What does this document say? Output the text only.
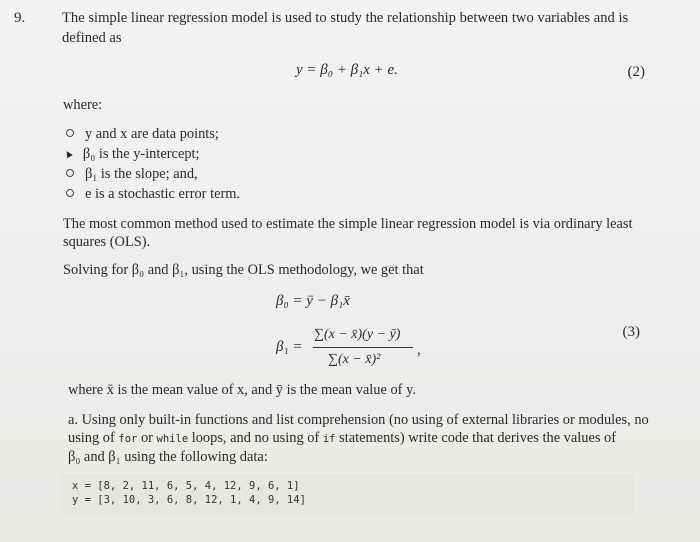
9.	The simple linear regression model is used to study the relationship between two variables and is
defined as
y = β₀ + β₁x + e.	(2)
where:
y and x are data points;
▲ β₀ is the y-intercept;
β₁ is the slope; and,
e is a stochastic error term.
The most common method used to estimate the simple linear regression model is via ordinary least
squares (OLS).
Solving for β₀ and β₁, using the OLS methodology, we get that
β₀ = ȳ − β₁x̄
β₁ =
∑(x − x̄)(y − ȳ)
∑(x − x̄)²
,
(3)
where x̄ is the mean value of x, and ȳ is the mean value of y.
a. Using only built-in functions and list comprehension (no using of external libraries or modules, no
using of for or while loops, and no using of if statements) write code that derives the values of
β₀ and β₁ using the following data:
x = [8, 2, 11, 6, 5, 4, 12, 9, 6, 1]
y = [3, 10, 3, 6, 8, 12, 1, 4, 9, 14]
